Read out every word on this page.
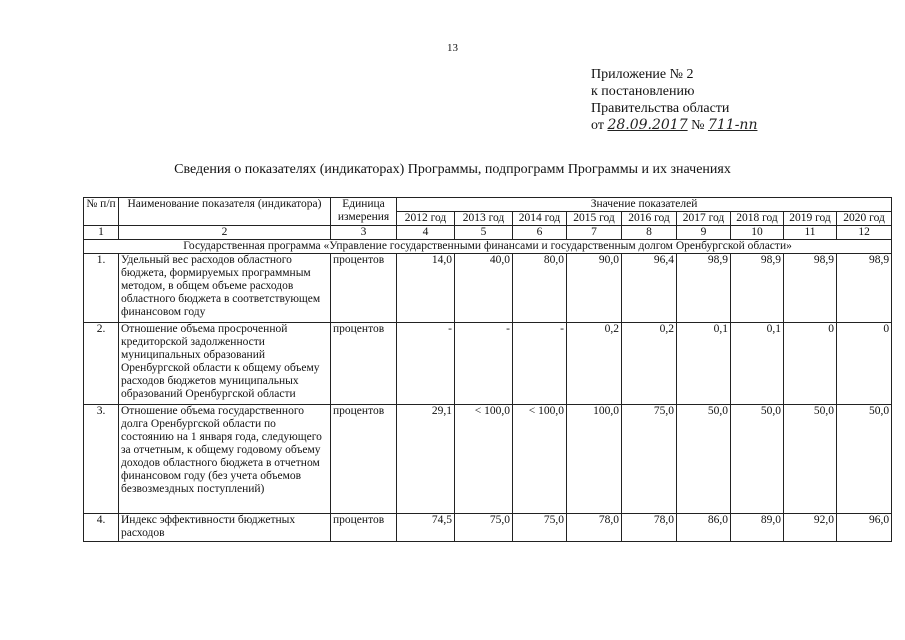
13
Приложение № 2
к постановлению
Правительства области
от 28.09.2017 № 711-пп
Сведения о показателях (индикаторах) Программы, подпрограмм Программы и их значениях
№ п/п	Наименование показателя (индикатора)	Единица измерения	Значение показателей								
			2012 год	2013 год	2014 год	2015 год	2016 год	2017 год	2018 год	2019 год	2020 год
1	2	3	4	5	6	7	8	9	10	11	12
Государственная программа «Управление государственными финансами и государственным долгом Оренбургской области»											
1.	Удельный вес расходов областного бюджета, формируемых программным методом, в общем объеме расходов областного бюджета в соответствующем финансовом году	процентов	14,0	40,0	80,0	90,0	96,4	98,9	98,9	98,9	98,9
2.	Отношение объема просроченной кредиторской задолженности муниципальных образований Оренбургской области к общему объему расходов бюджетов муниципальных образований Оренбургской области	процентов	-	-	-	0,2	0,2	0,1	0,1	0	0
3.	Отношение объема государственного долга Оренбургской области по состоянию на 1 января года, следующего за отчетным, к общему годовому объему доходов областного бюджета в отчетном финансовом году (без учета объемов безвозмездных поступлений)	процентов	29,1	< 100,0	< 100,0	100,0	75,0	50,0	50,0	50,0	50,0
4.	Индекс эффективности бюджетных расходов	процентов	74,5	75,0	75,0	78,0	78,0	86,0	89,0	92,0	96,0
